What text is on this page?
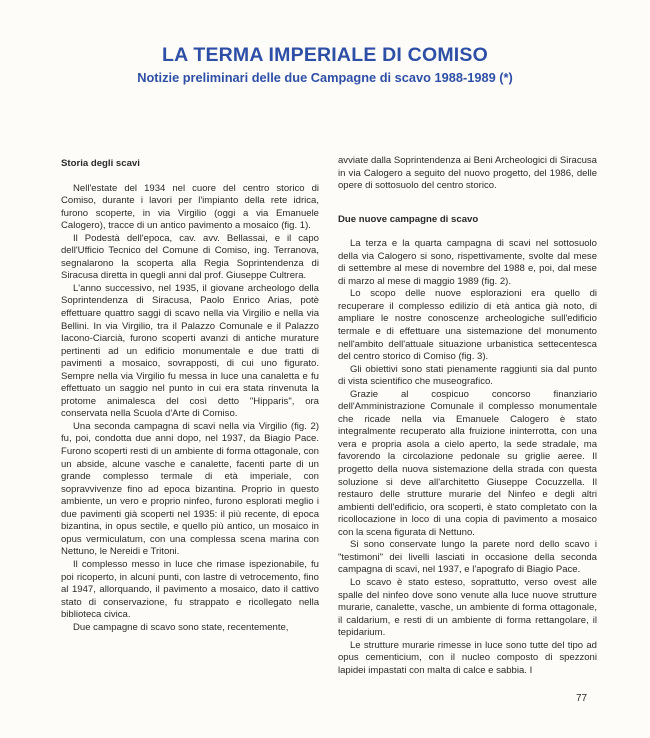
LA TERMA IMPERIALE DI COMISO
Notizie preliminari delle due Campagne di scavo 1988-1989 (*)
Storia degli scavi

Nell'estate del 1934 nel cuore del centro storico di Comiso, durante i lavori per l'impianto della rete idrica, furono scoperte, in via Virgilio (oggi a via Emanuele Calogero), tracce di un antico pavimento a mosaico (fig. 1).

Il Podestà dell'epoca, cav. avv. Bellassai, e il capo dell'Ufficio Tecnico del Comune di Comiso, ing. Terranova, segnalarono la scoperta alla Regia Soprintendenza di Siracusa diretta in quegli anni dal prof. Giuseppe Cultrera.

L'anno successivo, nel 1935, il giovane archeologo della Soprintendenza di Siracusa, Paolo Enrico Arias, potè effettuare quattro saggi di scavo nella via Virgilio e nella via Bellini. In via Virgilio, tra il Palazzo Comunale e il Palazzo Iacono-Ciarcià, furono scoperti avanzi di antiche murature pertinenti ad un edificio monumentale e due tratti di pavimenti a mosaico, sovrapposti, di cui uno figurato. Sempre nella via Virgilio fu messa in luce una canaletta e fu effettuato un saggio nel punto in cui era stata rinvenuta la protome animalesca del così detto "Hipparis", ora conservata nella Scuola d'Arte di Comiso.

Una seconda campagna di scavi nella via Virgilio (fig. 2) fu, poi, condotta due anni dopo, nel 1937, da Biagio Pace. Furono scoperti resti di un ambiente di forma ottagonale, con un abside, alcune vasche e canalette, facenti parte di un grande complesso termale di età imperiale, con sopravvivenze fino ad epoca bizantina. Proprio in questo ambiente, un vero e proprio ninfeo, furono esplorati meglio i due pavimenti già scoperti nel 1935: il più recente, di epoca bizantina, in opus sectile, e quello più antico, un mosaico in opus vermiculatum, con una complessa scena marina con Nettuno, le Nereidi e Tritoni.

Il complesso messo in luce che rimase ispezionabile, fu poi ricoperto, in alcuni punti, con lastre di vetrocemento, fino al 1947, allorquando, il pavimento a mosaico, dato il cattivo stato di conservazione, fu strappato e ricollegato nella biblioteca civica.

Due campagne di scavo sono state, recentemente,

avviate dalla Soprintendenza ai Beni Archeologici di Siracusa in via Calogero a seguito del nuovo progetto, del 1986, delle opere di sottosuolo del centro storico.

Due nuove campagne di scavo

La terza e la quarta campagna di scavi nel sottosuolo della via Calogero si sono, rispettivamente, svolte dal mese di settembre al mese di novembre del 1988 e, poi, dal mese di marzo al mese di maggio 1989 (fig. 2).

Lo scopo delle nuove esplorazioni era quello di recuperare il complesso edilizio di età antica già noto, di ampliare le nostre conoscenze archeologiche sull'edificio termale e di effettuare una sistemazione del monumento nell'ambito dell'attuale situazione urbanistica settecentesca del centro storico di Comiso (fig. 3).

Gli obiettivi sono stati pienamente raggiunti sia dal punto di vista scientifico che museografico.

Grazie al cospicuo concorso finanziario dell'Amministrazione Comunale il complesso monumentale che ricade nella via Emanuele Calogero è stato integralmente recuperato alla fruizione ininterrotta, con una vera e propria asola a cielo aperto, la sede stradale, ma favorendo la circolazione pedonale su griglie aeree. Il progetto della nuova sistemazione della strada con questa soluzione si deve all'architetto Giuseppe Cocuzzella. Il restauro delle strutture murarie del Ninfeo e degli altri ambienti dell'edificio, ora scoperti, è stato completato con la ricollocazione in loco di una copia di pavimento a mosaico con la scena figurata di Nettuno.

Si sono conservate lungo la parete nord dello scavo i "testimoni" dei livelli lasciati in occasione della seconda campagna di scavi, nel 1937, e l'apografo di Biagio Pace.

Lo scavo è stato esteso, soprattutto, verso ovest alle spalle del ninfeo dove sono venute alla luce nuove strutture murarie, canalette, vasche, un ambiente di forma ottagonale, il caldarium, e resti di un ambiente di forma rettangolare, il tepidarium.

Le strutture murarie rimesse in luce sono tutte del tipo ad opus cementicium, con il nucleo composto di spezzoni lapidei impastati con malta di calce e sabbia. I

77
